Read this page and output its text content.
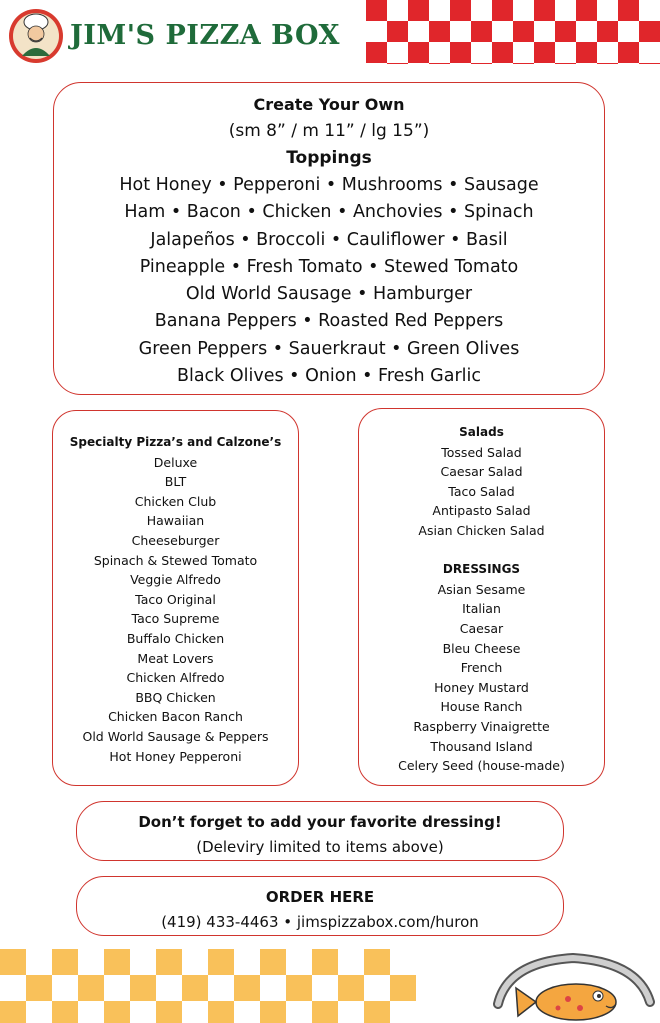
JIM'S PIZZA BOX
Create Your Own
(sm 8” / m 11” / lg 15”)
Toppings
Hot Honey • Pepperoni • Mushrooms • Sausage
Ham • Bacon • Chicken • Anchovies • Spinach
Jalapeños • Broccoli • Cauliflower • Basil
Pineapple • Fresh Tomato • Stewed Tomato
Old World Sausage • Hamburger
Banana Peppers • Roasted Red Peppers
Green Peppers • Sauerkraut • Green Olives
Black Olives • Onion • Fresh Garlic
Specialty Pizza’s and Calzone’s
Deluxe
BLT
Chicken Club
Hawaiian
Cheeseburger
Spinach & Stewed Tomato
Veggie Alfredo
Taco Original
Taco Supreme
Buffalo Chicken
Meat Lovers
Chicken Alfredo
BBQ Chicken
Chicken Bacon Ranch
Old World Sausage & Peppers
Hot Honey Pepperoni
Salads
Tossed Salad
Caesar Salad
Taco Salad
Antipasto Salad
Asian Chicken Salad
DRESSINGS
Asian Sesame
Italian
Caesar
Bleu Cheese
French
Honey Mustard
House Ranch
Raspberry Vinaigrette
Thousand Island
Celery Seed (house-made)
Don’t forget to add your favorite dressing!
(Deleviry limited to items above)
ORDER HERE
(419) 433-4463 • jimspizzabox.com/huron
